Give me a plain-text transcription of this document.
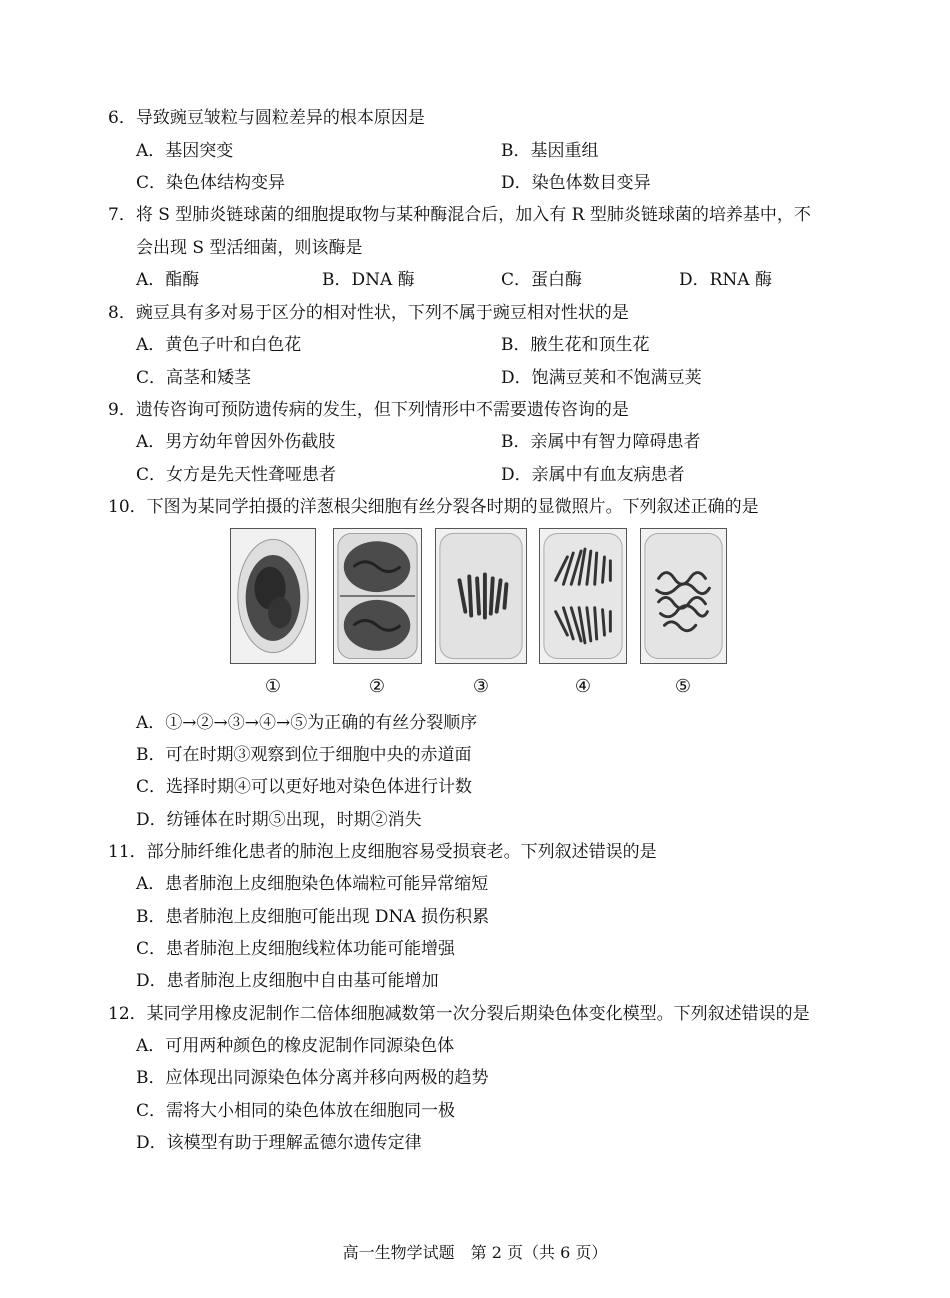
6．导致豌豆皱粒与圆粒差异的根本原因是
A．基因突变	B．基因重组
C．染色体结构变异	D．染色体数目变异
7．将 S 型肺炎链球菌的细胞提取物与某种酶混合后，加入有 R 型肺炎链球菌的培养基中，不
会出现 S 型活细菌，则该酶是
A．酯酶	B．DNA 酶	C．蛋白酶	D．RNA 酶
8．豌豆具有多对易于区分的相对性状，下列不属于豌豆相对性状的是
A．黄色子叶和白色花	B．腋生花和顶生花
C．高茎和矮茎	D．饱满豆荚和不饱满豆荚
9．遗传咨询可预防遗传病的发生，但下列情形中不需要遗传咨询的是
A．男方幼年曾因外伤截肢	B．亲属中有智力障碍患者
C．女方是先天性聋哑患者	D．亲属中有血友病患者
10．下图为某同学拍摄的洋葱根尖细胞有丝分裂各时期的显微照片。下列叙述正确的是
①	②	③	④	⑤
A．①→②→③→④→⑤为正确的有丝分裂顺序
B．可在时期③观察到位于细胞中央的赤道面
C．选择时期④可以更好地对染色体进行计数
D．纺锤体在时期⑤出现，时期②消失
11．部分肺纤维化患者的肺泡上皮细胞容易受损衰老。下列叙述错误的是
A．患者肺泡上皮细胞染色体端粒可能异常缩短
B．患者肺泡上皮细胞可能出现 DNA 损伤积累
C．患者肺泡上皮细胞线粒体功能可能增强
D．患者肺泡上皮细胞中自由基可能增加
12．某同学用橡皮泥制作二倍体细胞减数第一次分裂后期染色体变化模型。下列叙述错误的是
A．可用两种颜色的橡皮泥制作同源染色体
B．应体现出同源染色体分离并移向两极的趋势
C．需将大小相同的染色体放在细胞同一极
D．该模型有助于理解孟德尔遗传定律
高一生物学试题　第 2 页（共 6 页）
